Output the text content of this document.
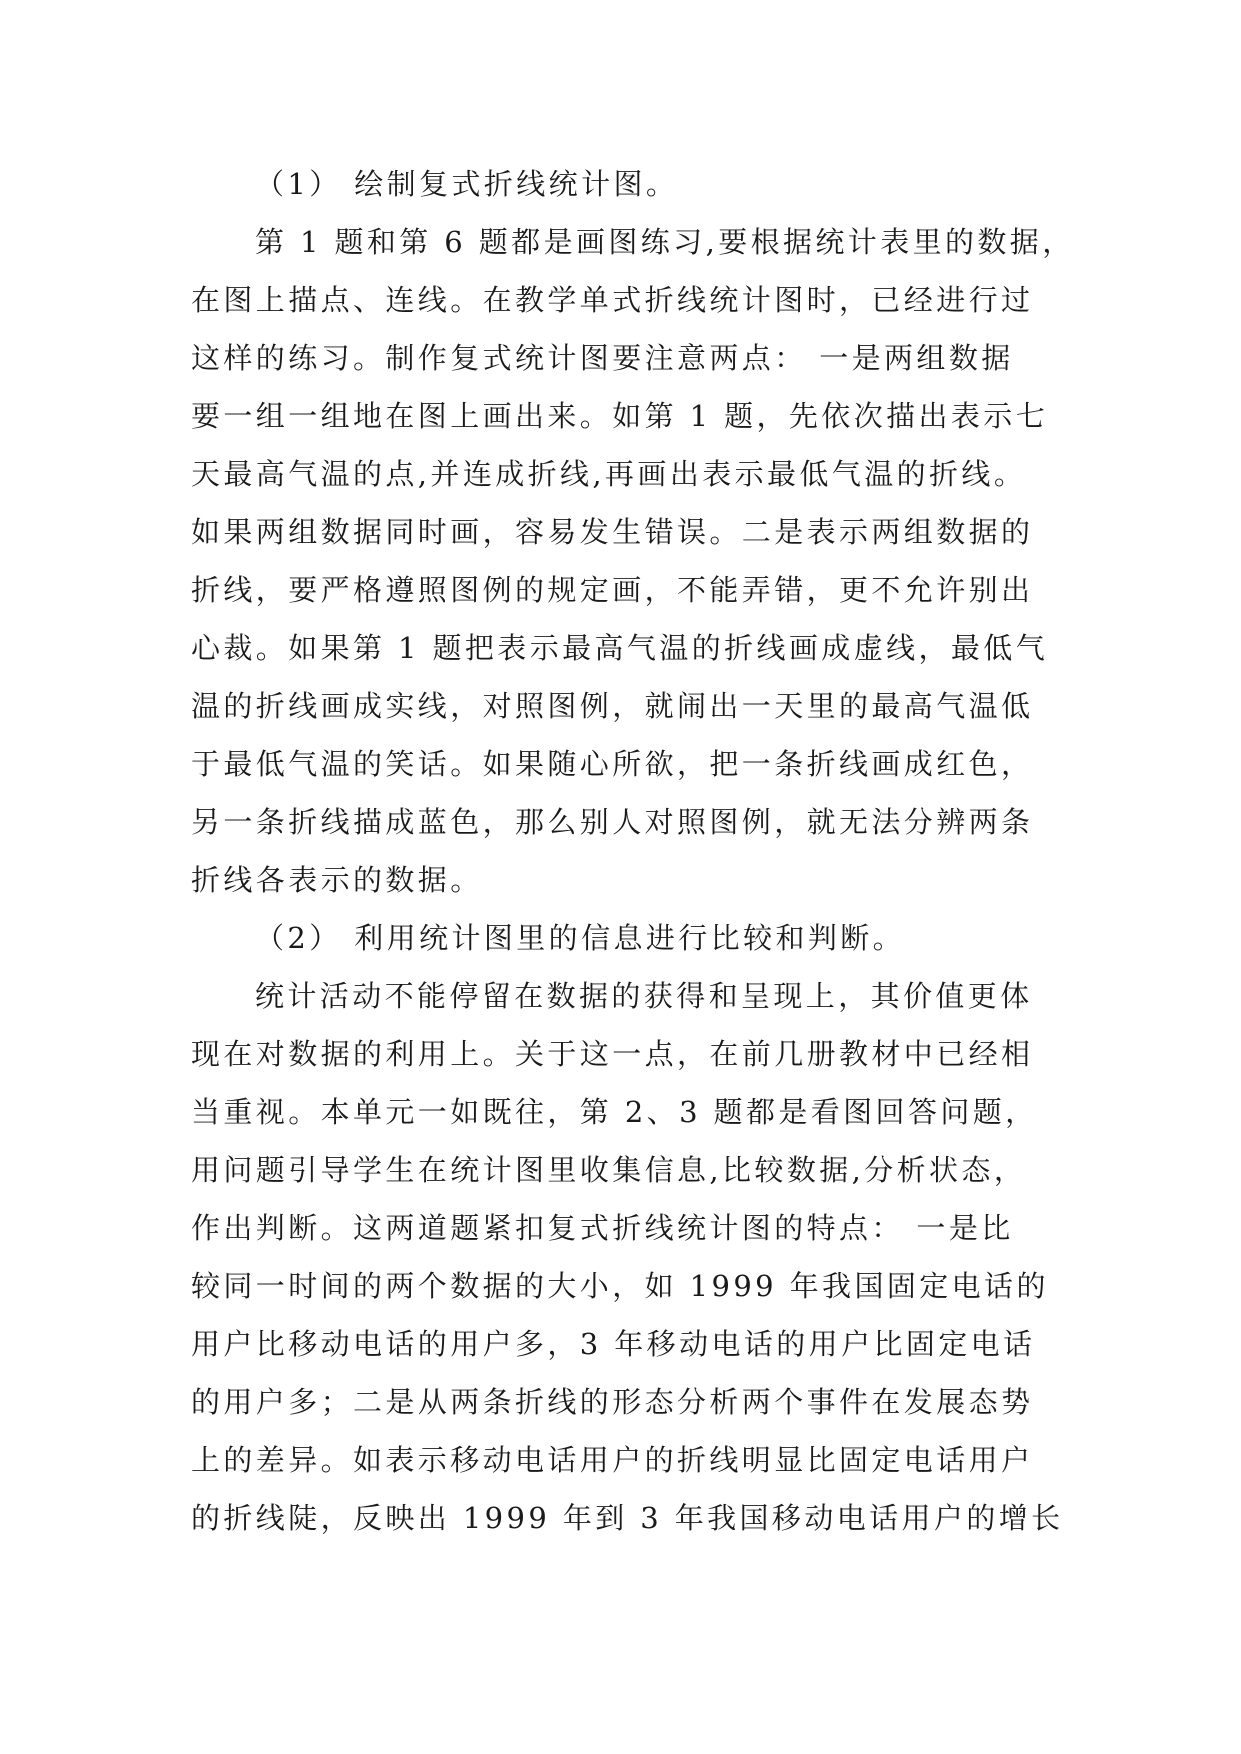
（1） 绘制复式折线统计图。
第 1 题和第 6 题都是画图练习,要根据统计表里的数据，
在图上描点、连线。在教学单式折线统计图时，已经进行过
这样的练习。制作复式统计图要注意两点： 一是两组数据
要一组一组地在图上画出来。如第 1 题，先依次描出表示七
天最高气温的点,并连成折线,再画出表示最低气温的折线。
如果两组数据同时画，容易发生错误。二是表示两组数据的
折线，要严格遵照图例的规定画，不能弄错，更不允许别出
心裁。如果第 1 题把表示最高气温的折线画成虚线，最低气
温的折线画成实线，对照图例，就闹出一天里的最高气温低
于最低气温的笑话。如果随心所欲，把一条折线画成红色，
另一条折线描成蓝色，那么别人对照图例，就无法分辨两条
折线各表示的数据。
（2） 利用统计图里的信息进行比较和判断。
统计活动不能停留在数据的获得和呈现上，其价值更体
现在对数据的利用上。关于这一点，在前几册教材中已经相
当重视。本单元一如既往，第 2、3 题都是看图回答问题，
用问题引导学生在统计图里收集信息,比较数据,分析状态，
作出判断。这两道题紧扣复式折线统计图的特点： 一是比
较同一时间的两个数据的大小，如 1999 年我国固定电话的
用户比移动电话的用户多，3 年移动电话的用户比固定电话
的用户多；二是从两条折线的形态分析两个事件在发展态势
上的差异。如表示移动电话用户的折线明显比固定电话用户
的折线陡，反映出 1999 年到 3 年我国移动电话用户的增长
